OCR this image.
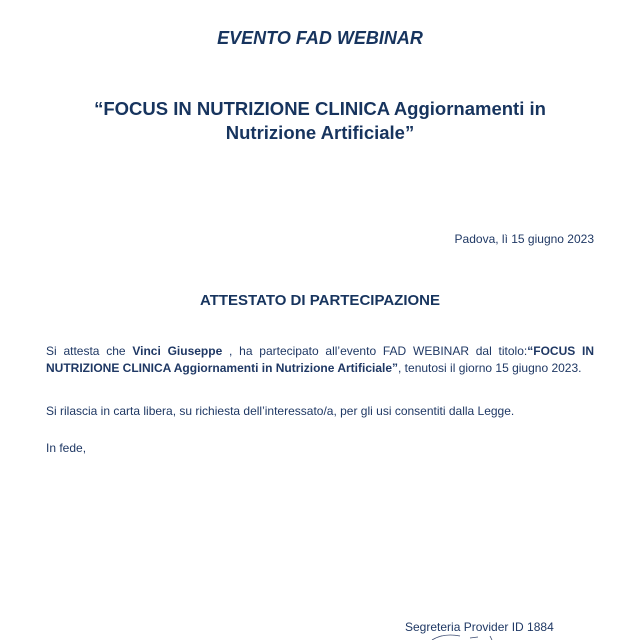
EVENTO FAD WEBINAR
“FOCUS IN NUTRIZIONE CLINICA Aggiornamenti in
Nutrizione Artificiale”
Padova, lì 15 giugno 2023
ATTESTATO DI PARTECIPAZIONE
Si attesta che Vinci Giuseppe , ha partecipato all’evento FAD WEBINAR dal titolo:“FOCUS IN NUTRIZIONE CLINICA Aggiornamenti in Nutrizione Artificiale”, tenutosi il giorno 15 giugno 2023.
Si rilascia in carta libera, su richiesta dell’interessato/a, per gli usi consentiti dalla Legge.
In fede,
Segreteria Provider ID 1884
